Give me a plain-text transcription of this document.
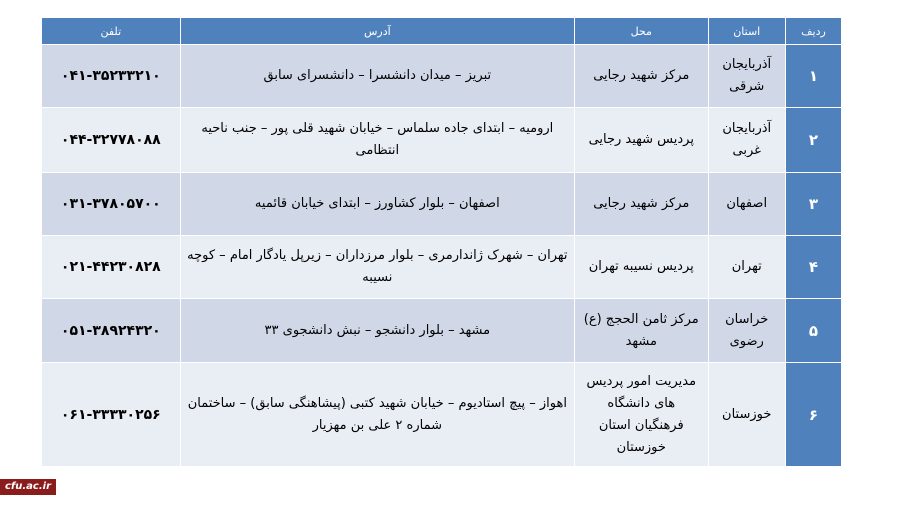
ردیف	استان	محل	آدرس	تلفن
۱	آذربایجان شرقی	مرکز شهید رجایی	تبریز – میدان دانشسرا – دانشسرای سابق	۰۴۱-۳۵۲۳۳۲۱۰
۲	آذربایجان غربی	پردیس شهید رجایی	ارومیه – ابتدای جاده سلماس – خیابان شهید قلی پور – جنب ناحیه انتظامی	۰۴۴-۳۲۷۷۸۰۸۸
۳	اصفهان	مرکز شهید رجایی	اصفهان – بلوار کشاورز – ابتدای خیابان قائمیه	۰۳۱-۳۷۸۰۵۷۰۰
۴	تهران	پردیس نسیبه تهران	تهران – شهرک ژاندارمری – بلوار مرزداران – زیرپل یادگار امام – کوچه نسیبه	۰۲۱-۴۴۲۳۰۸۲۸
۵	خراسان رضوی	مرکز ثامن الحجج (ع) مشهد	مشهد – بلوار دانشجو – نبش دانشجوی ۳۳	۰۵۱-۳۸۹۲۴۳۲۰
۶	خوزستان	مدیریت امور پردیس های دانشگاه فرهنگیان استان خوزستان	اهواز – پیچ استادیوم – خیابان شهید کتبی (پیشاهنگی سابق) – ساختمان شماره ۲ علی بن مهزیار	۰۶۱-۳۳۳۳۰۲۵۶
cfu.ac.ir
